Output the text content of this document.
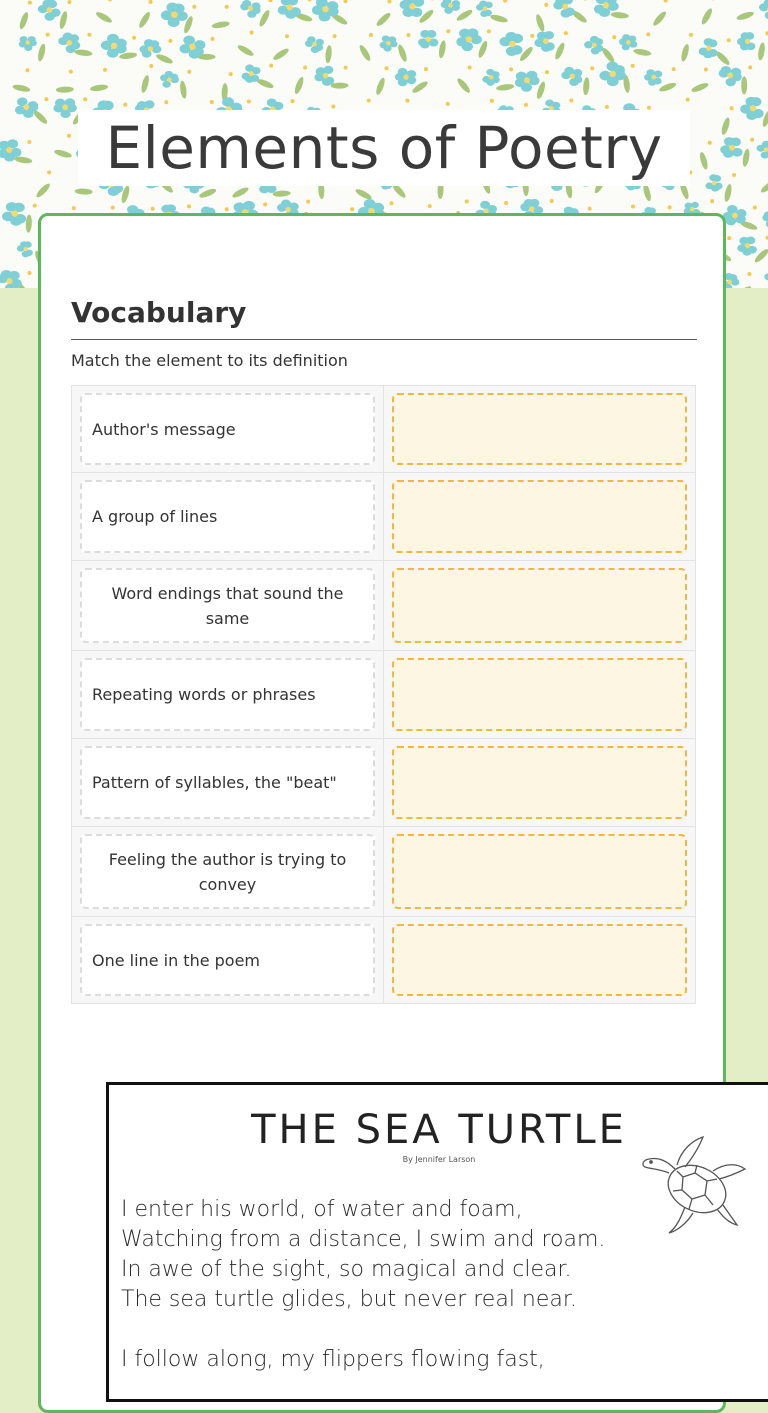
Elements of Poetry
Vocabulary
Match the element to its definition
Author's message
A group of lines
Word endings that sound the same
Repeating words or phrases
Pattern of syllables, the "beat"
Feeling the author is trying to convey
One line in the poem
THE SEA TURTLE
By Jennifer Larson
I enter his world, of water and foam,
Watching from a distance, I swim and roam.
In awe of the sight, so magical and clear.
The sea turtle glides, but never real near.
I follow along, my flippers flowing fast,
